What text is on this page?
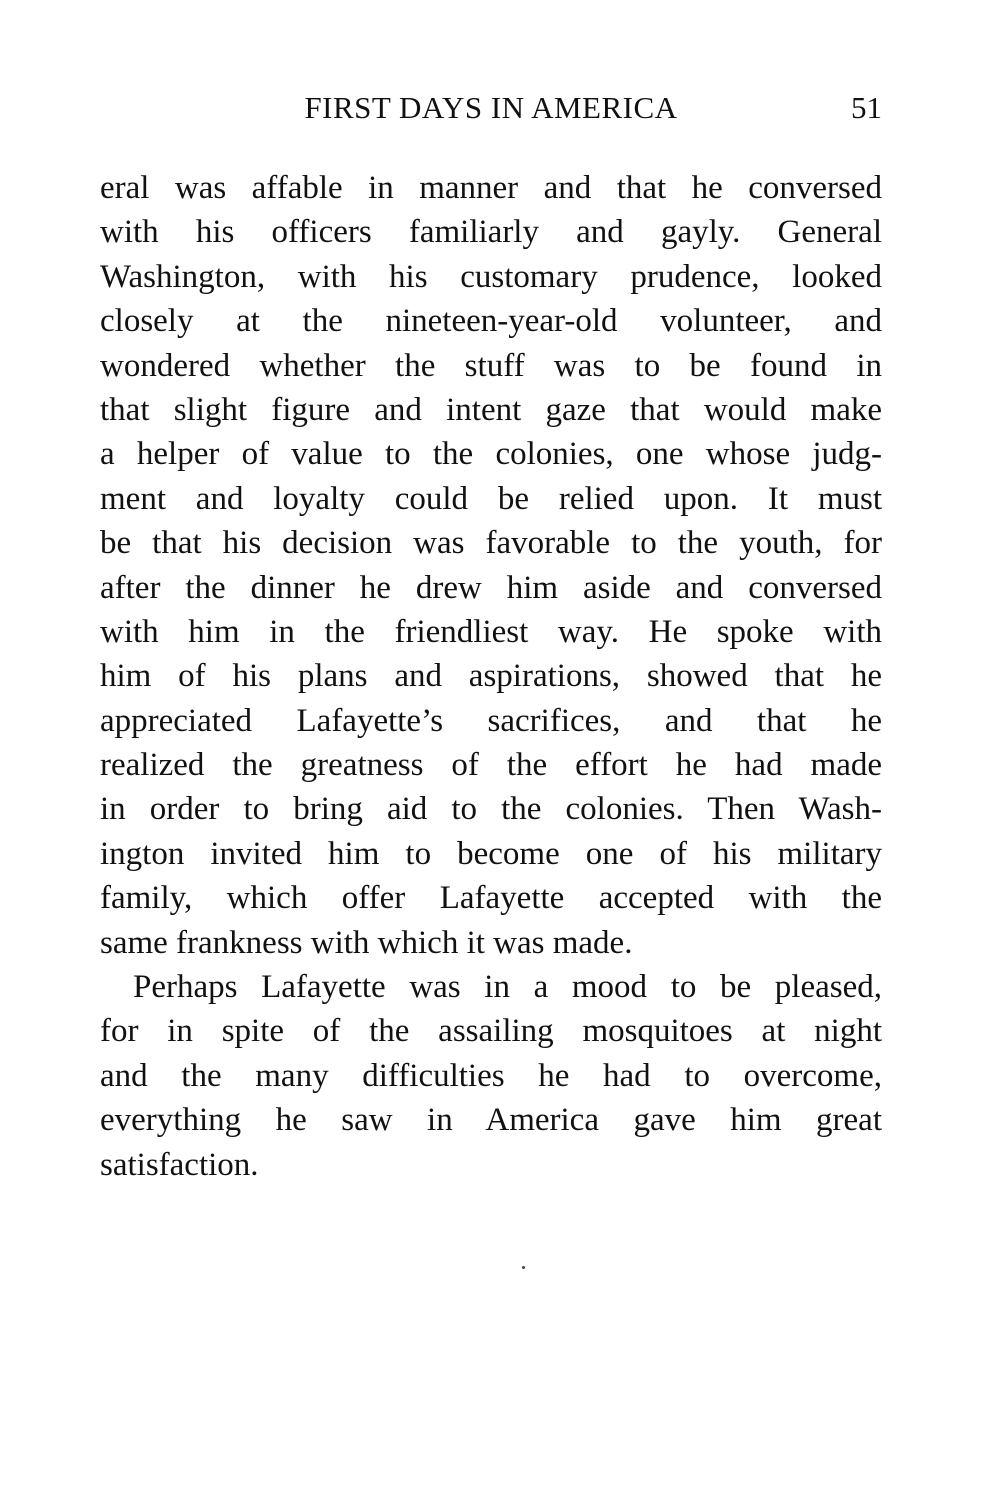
FIRST DAYS IN AMERICA	51
eral was affable in manner and that he conversed
with his officers familiarly and gayly. General
Washington, with his customary prudence, looked
closely at the nineteen-year-old volunteer, and
wondered whether the stuff was to be found in
that slight figure and intent gaze that would make
a helper of value to the colonies, one whose judg-
ment and loyalty could be relied upon. It must
be that his decision was favorable to the youth, for
after the dinner he drew him aside and conversed
with him in the friendliest way. He spoke with
him of his plans and aspirations, showed that he
appreciated Lafayette’s sacrifices, and that he
realized the greatness of the effort he had made
in order to bring aid to the colonies. Then Wash-
ington invited him to become one of his military
family, which offer Lafayette accepted with the
same frankness with which it was made.
Perhaps Lafayette was in a mood to be pleased,
for in spite of the assailing mosquitoes at night
and the many difficulties he had to overcome,
everything he saw in America gave him great
satisfaction.
